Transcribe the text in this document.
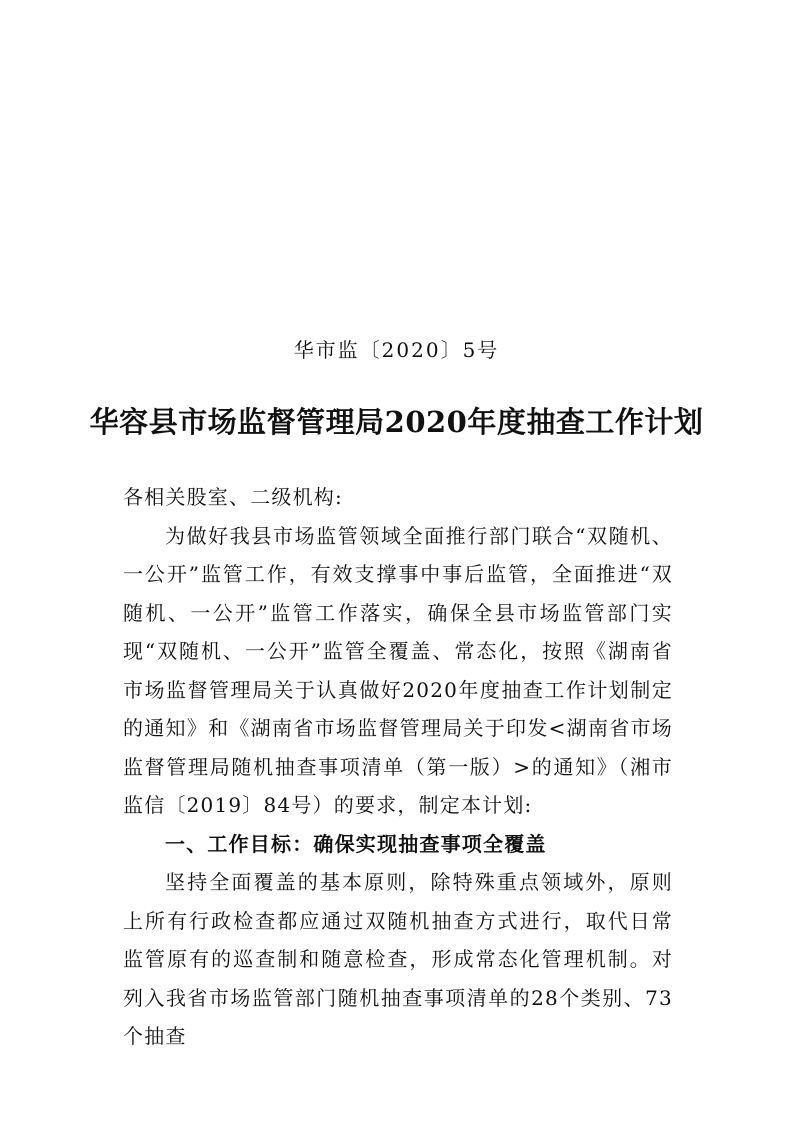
华市监〔2020〕5号
华容县市场监督管理局2020年度抽查工作计划

各相关股室、二级机构:

为做好我县市场监管领域全面推行部门联合“双随机、一公开”监管工作，有效支撑事中事后监管，全面推进“双随机、一公开”监管工作落实，确保全县市场监管部门实现“双随机、一公开”监管全覆盖、常态化，按照《湖南省市场监督管理局关于认真做好2020年度抽查工作计划制定的通知》和《湖南省市场监督管理局关于印发<湖南省市场监督管理局随机抽查事项清单（第一版）>的通知》（湘市监信〔2019〕84号）的要求，制定本计划:

一、工作目标：确保实现抽查事项全覆盖

坚持全面覆盖的基本原则，除特殊重点领域外，原则上所有行政检查都应通过双随机抽查方式进行，取代日常监管原有的巡查制和随意检查，形成常态化管理机制。对列入我省市场监管部门随机抽查事项清单的28个类别、73个抽查
